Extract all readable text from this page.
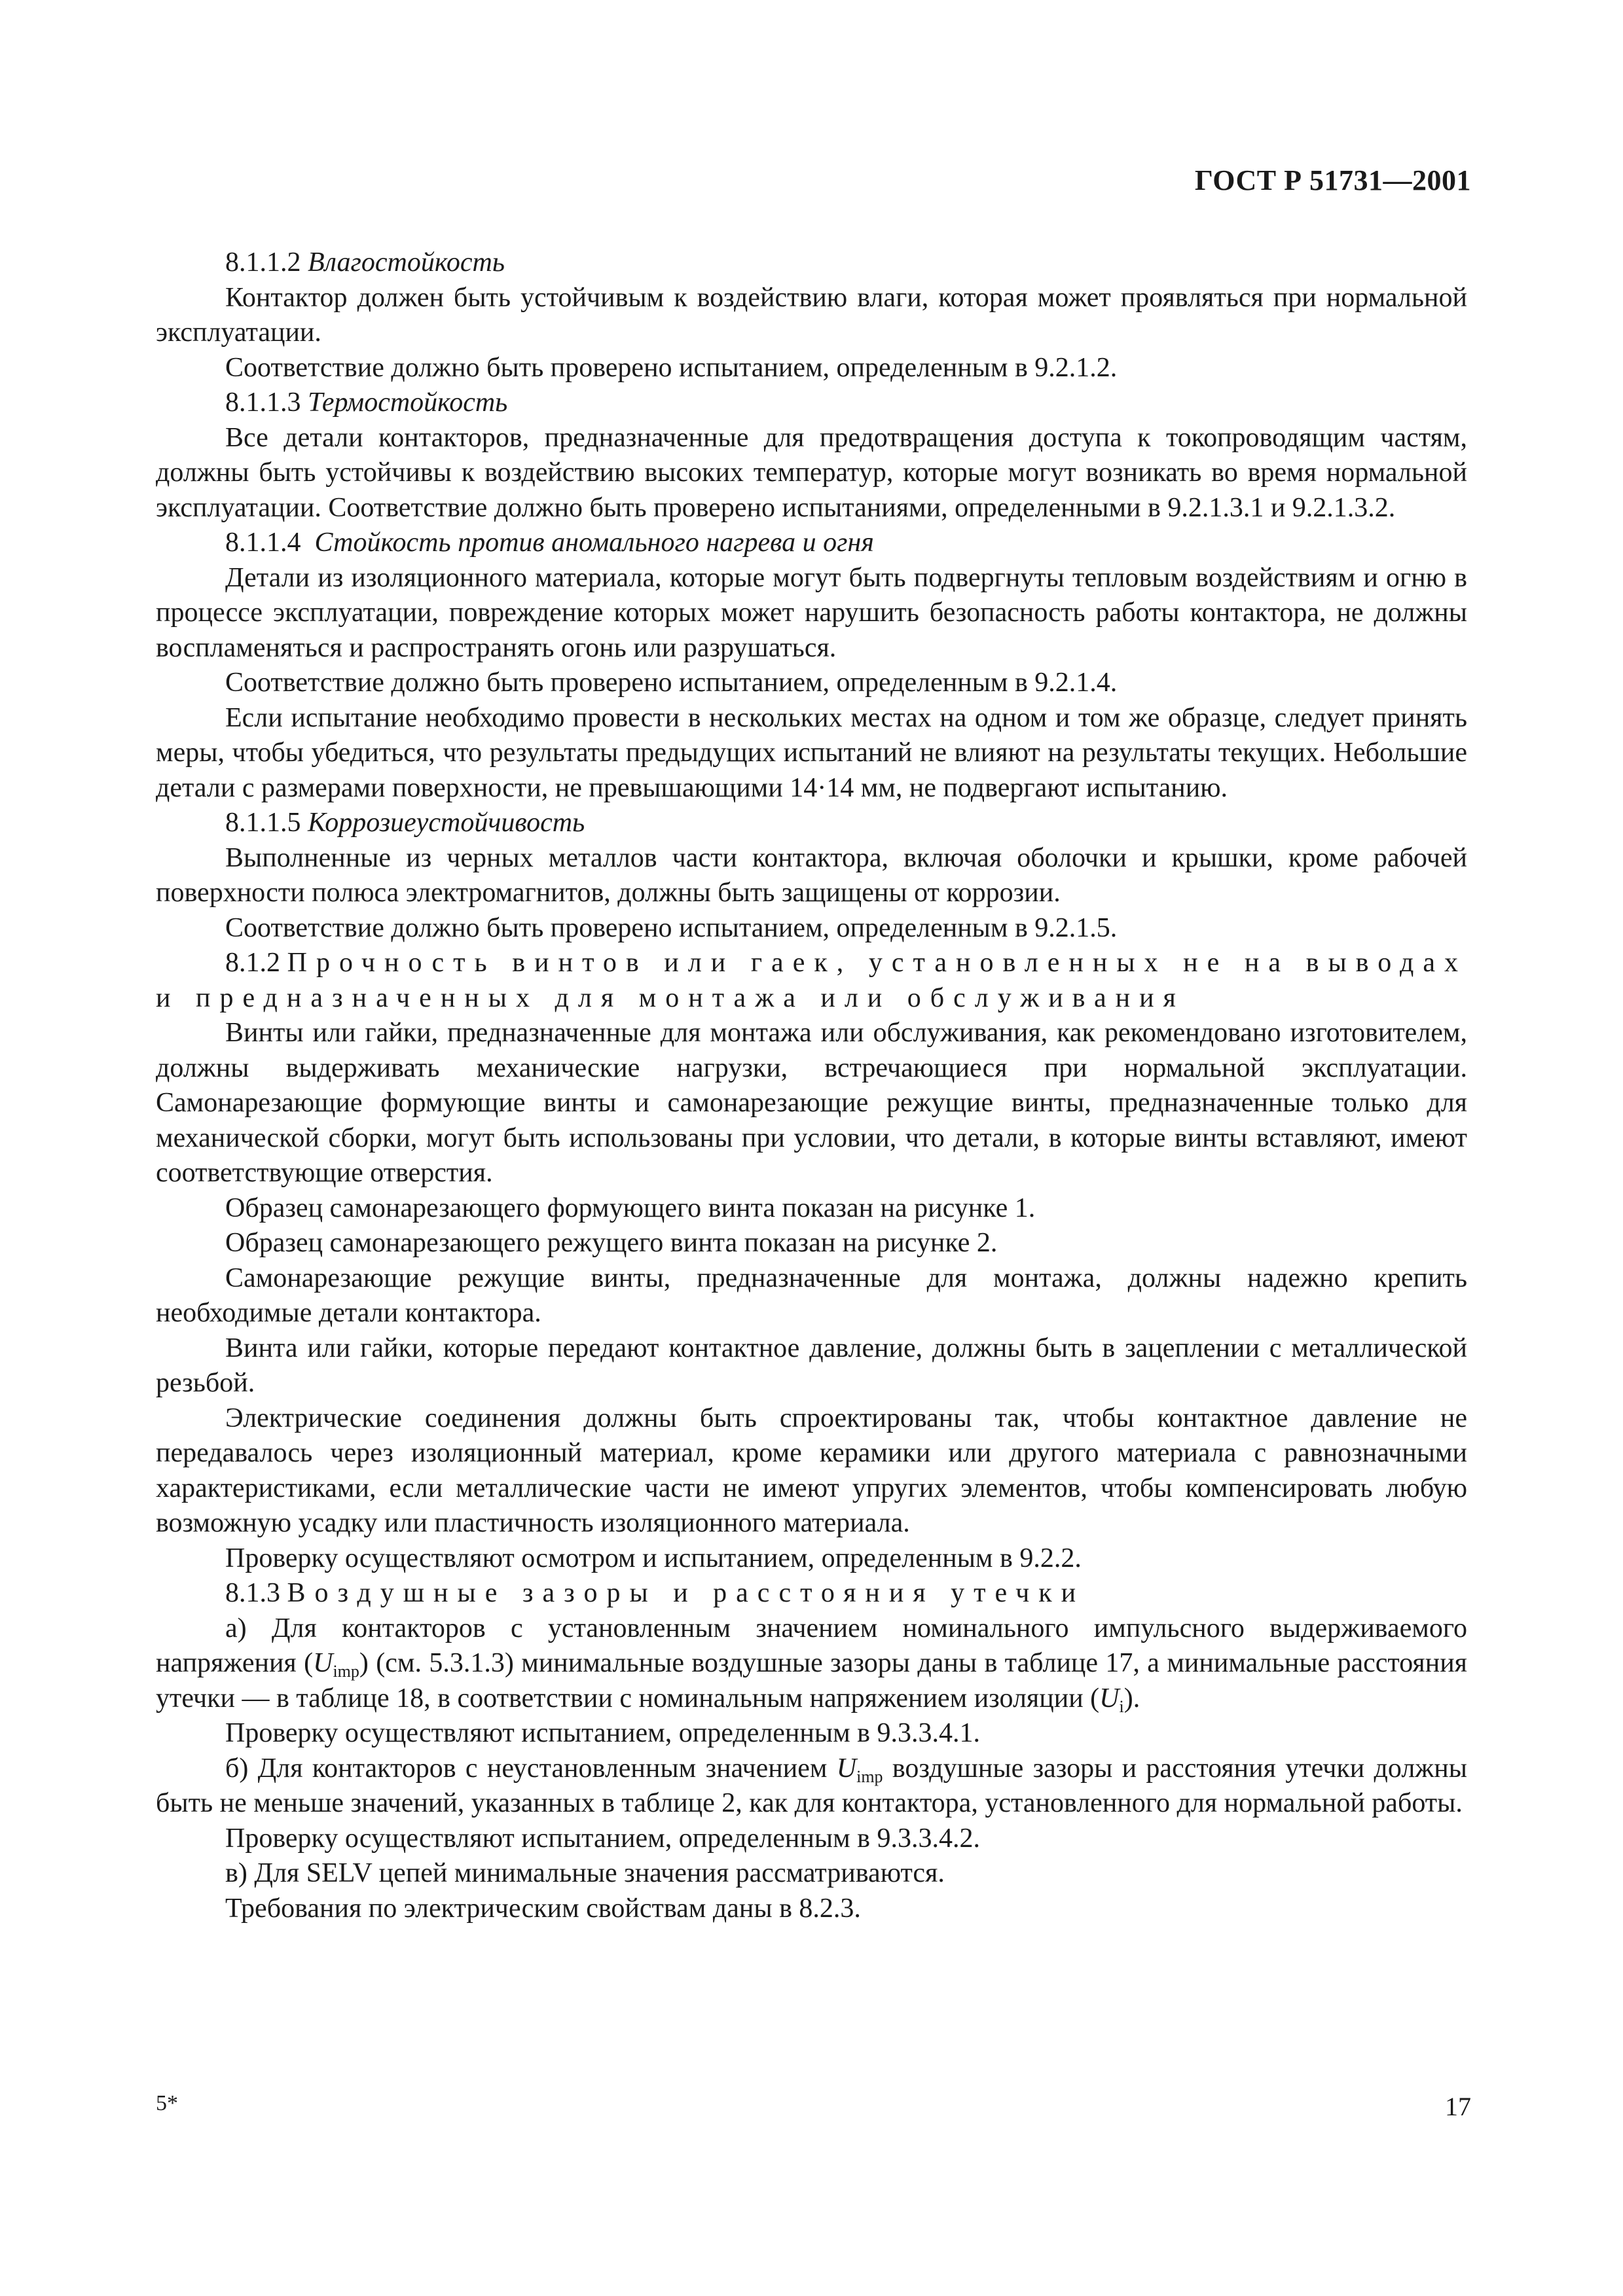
ГОСТ Р 51731—2001

8.1.1.2 Влагостойкость

Контактор должен быть устойчивым к воздействию влаги, которая может проявляться при нормальной эксплуатации.

Соответствие должно быть проверено испытанием, определенным в 9.2.1.2.

8.1.1.3 Термостойкость

Все детали контакторов, предназначенные для предотвращения доступа к токопроводящим частям, должны быть устойчивы к воздействию высоких температур, которые могут возникать во время нормальной эксплуатации. Соответствие должно быть проверено испытаниями, определенными в 9.2.1.3.1 и 9.2.1.3.2.

8.1.1.4 Стойкость против аномального нагрева и огня

Детали из изоляционного материала, которые могут быть подвергнуты тепловым воздействиям и огню в процессе эксплуатации, повреждение которых может нарушить безопасность работы контактора, не должны воспламеняться и распространять огонь или разрушаться.

Соответствие должно быть проверено испытанием, определенным в 9.2.1.4.

Если испытание необходимо провести в нескольких местах на одном и том же образце, следует принять меры, чтобы убедиться, что результаты предыдущих испытаний не влияют на результаты текущих. Небольшие детали с размерами поверхности, не превышающими 14·14 мм, не подвергают испытанию.

8.1.1.5 Коррозиеустойчивость

Выполненные из черных металлов части контактора, включая оболочки и крышки, кроме рабочей поверхности полюса электромагнитов, должны быть защищены от коррозии.

Соответствие должно быть проверено испытанием, определенным в 9.2.1.5.

8.1.2 Прочность винтов или гаек, установленных не на выводах и предназначенных для монтажа или обслуживания

Винты или гайки, предназначенные для монтажа или обслуживания, как рекомендовано изготовителем, должны выдерживать механические нагрузки, встречающиеся при нормальной эксплуатации. Самонарезающие формующие винты и самонарезающие режущие винты, предназначенные только для механической сборки, могут быть использованы при условии, что детали, в которые винты вставляют, имеют соответствующие отверстия.

Образец самонарезающего формующего винта показан на рисунке 1.

Образец самонарезающего режущего винта показан на рисунке 2.

Самонарезающие режущие винты, предназначенные для монтажа, должны надежно крепить необходимые детали контактора.

Винта или гайки, которые передают контактное давление, должны быть в зацеплении с металлической резьбой.

Электрические соединения должны быть спроектированы так, чтобы контактное давление не передавалось через изоляционный материал, кроме керамики или другого материала с равнозначными характеристиками, если металлические части не имеют упругих элементов, чтобы компенсировать любую возможную усадку или пластичность изоляционного материала.

Проверку осуществляют осмотром и испытанием, определенным в 9.2.2.

8.1.3 Воздушные зазоры и расстояния утечки

а) Для контакторов с установленным значением номинального импульсного выдерживаемого напряжения $(U_{imp})$ (см. 5.3.1.3) минимальные воздушные зазоры даны в таблице 17, а минимальные расстояния утечки — в таблице 18, в соответствии с номинальным напряжением изоляции $(U_i)$.

Проверку осуществляют испытанием, определенным в 9.3.3.4.1.

б) Для контакторов с неустановленным значением $U_{imp}$ воздушные зазоры и расстояния утечки должны быть не меньше значений, указанных в таблице 2, как для контактора, установленного для нормальной работы.

Проверку осуществляют испытанием, определенным в 9.3.3.4.2.

в) Для SELV цепей минимальные значения рассматриваются.

Требования по электрическим свойствам даны в 8.2.3.

5*	17
